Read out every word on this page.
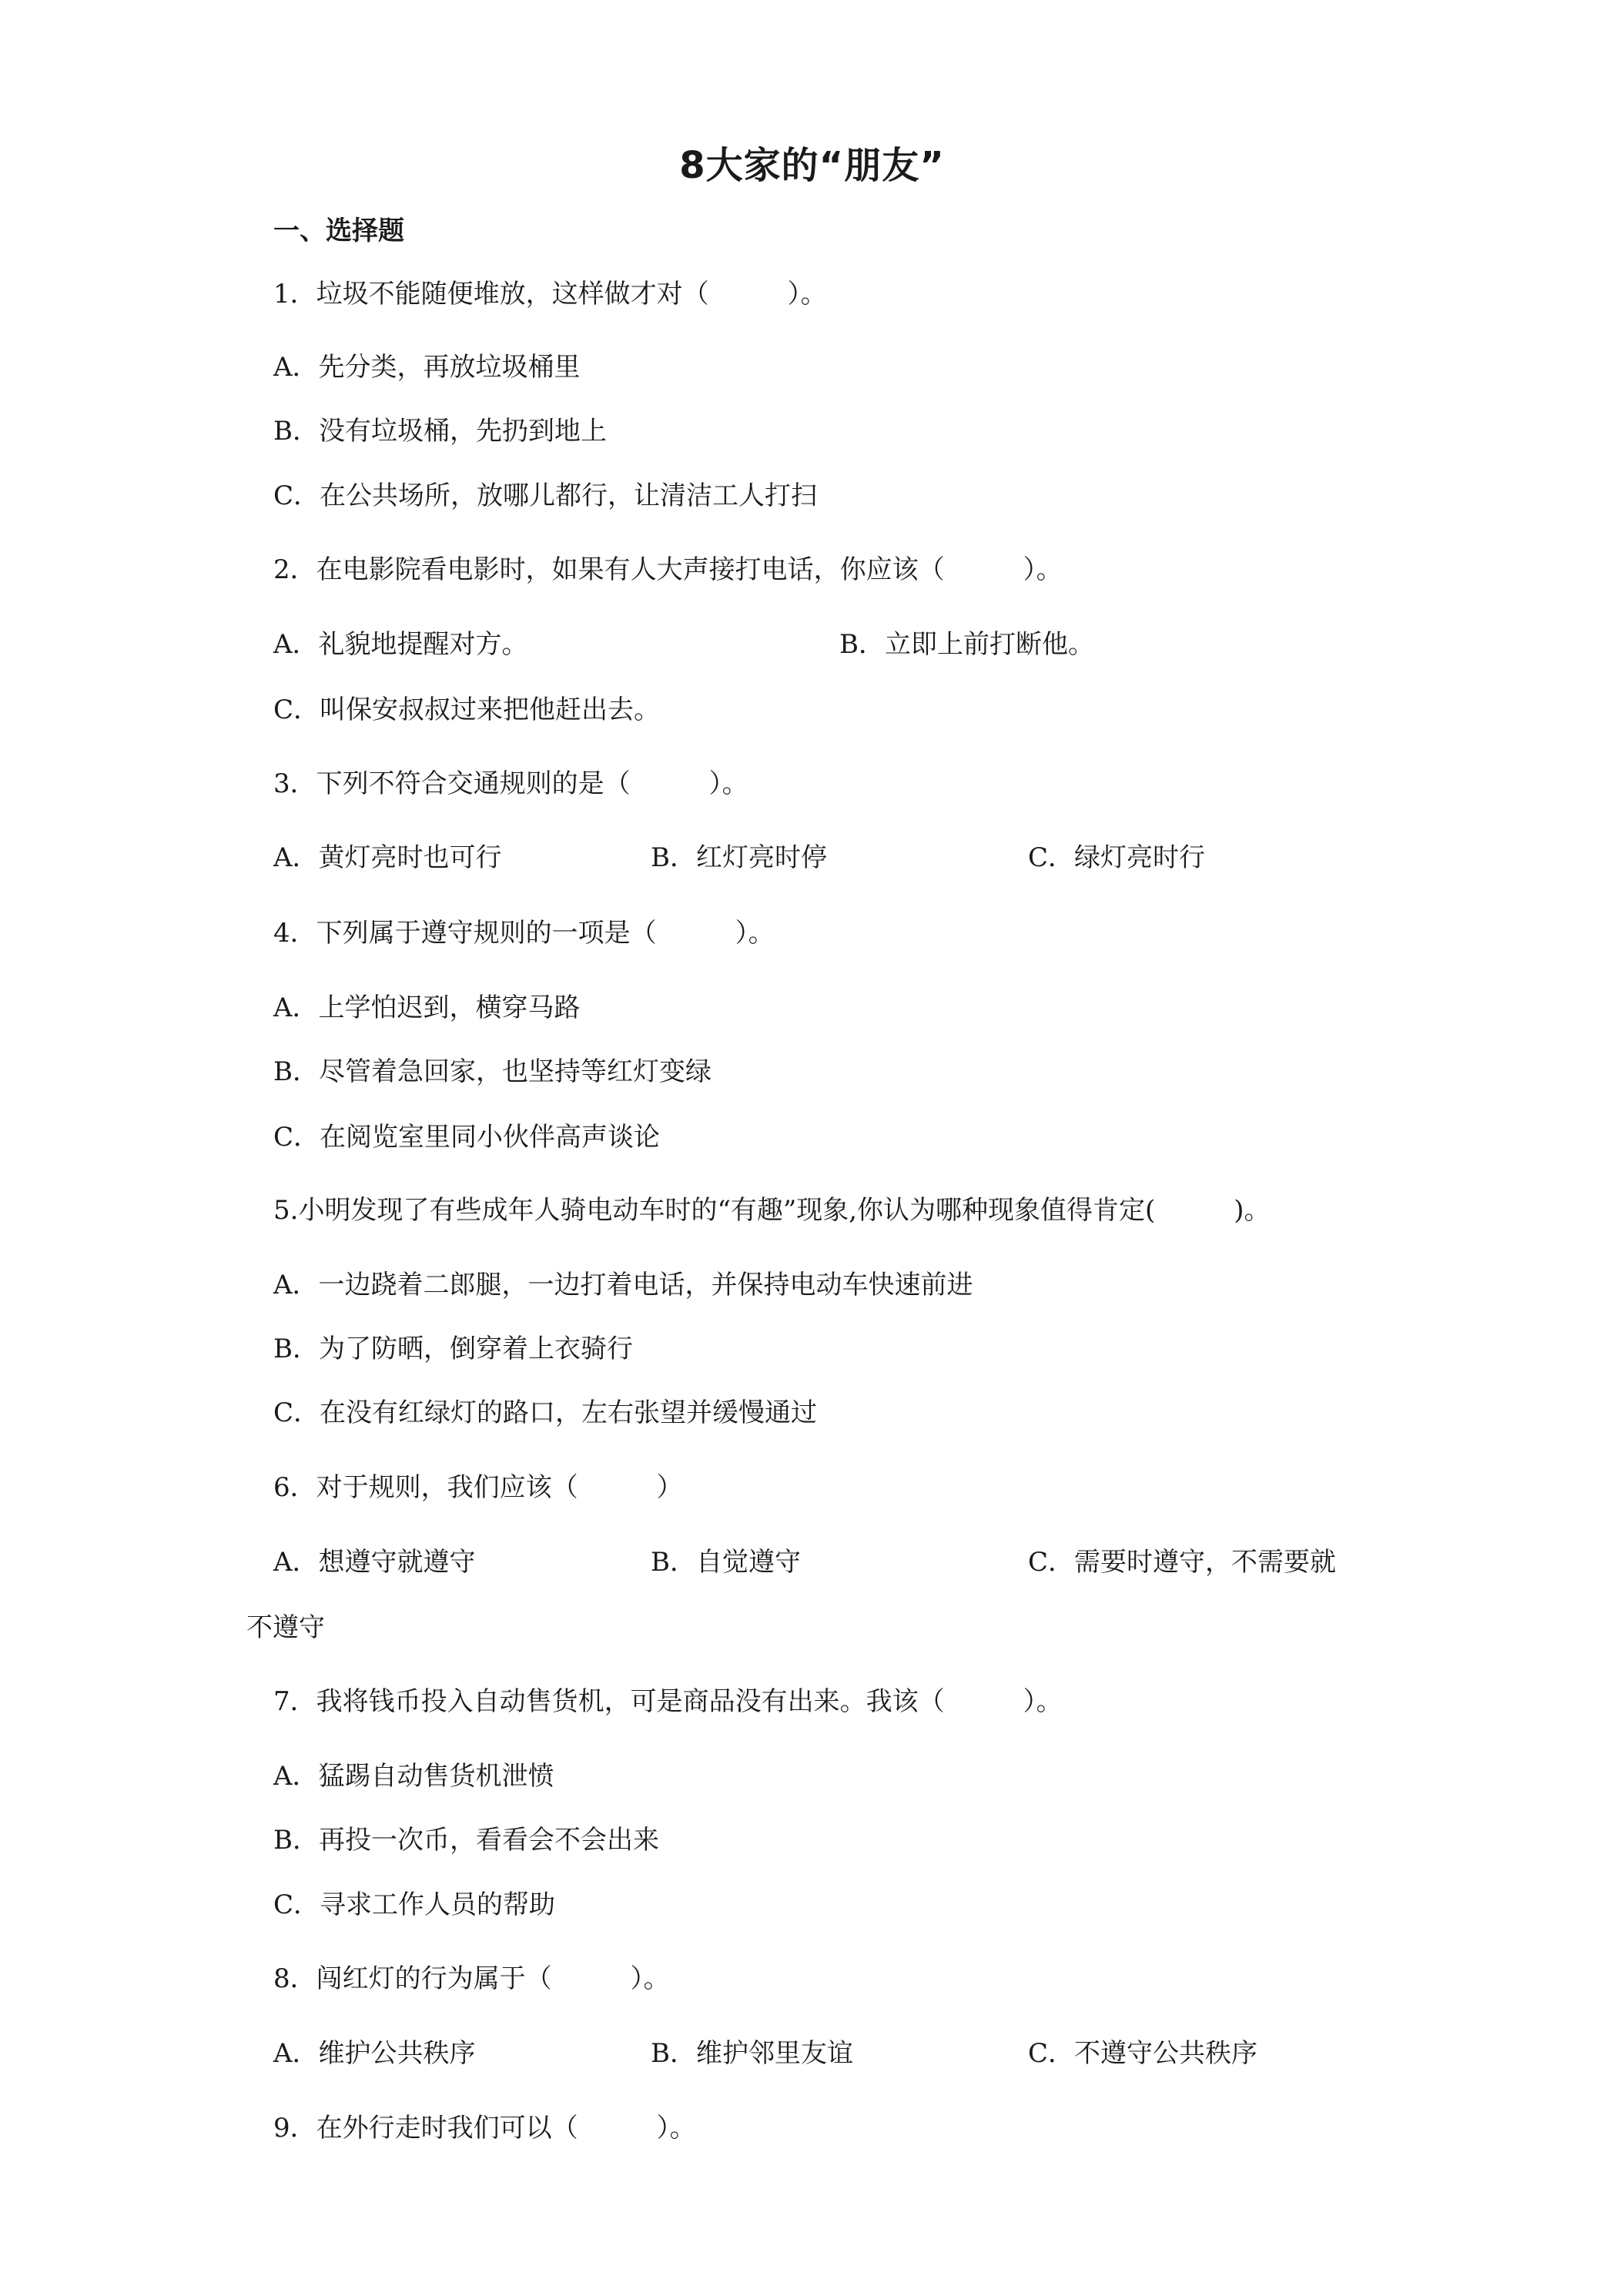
8大家的“朋友”
一、选择题
1．垃圾不能随便堆放，这样做才对（　　　）。
A．先分类，再放垃圾桶里
B．没有垃圾桶，先扔到地上
C．在公共场所，放哪儿都行，让清洁工人打扫
2．在电影院看电影时，如果有人大声接打电话，你应该（　　　）。
A．礼貌地提醒对方。	B．立即上前打断他。
C．叫保安叔叔过来把他赶出去。
3．下列不符合交通规则的是（　　　）。
A．黄灯亮时也可行	B．红灯亮时停	C．绿灯亮时行
4．下列属于遵守规则的一项是（　　　）。
A．上学怕迟到，横穿马路
B．尽管着急回家，也坚持等红灯变绿
C．在阅览室里同小伙伴高声谈论
5.小明发现了有些成年人骑电动车时的“有趣”现象,你认为哪种现象值得肯定(　　　)。
A．一边跷着二郎腿，一边打着电话，并保持电动车快速前进
B．为了防晒，倒穿着上衣骑行
C．在没有红绿灯的路口，左右张望并缓慢通过
6．对于规则，我们应该（　　　）
A．想遵守就遵守	B．自觉遵守	C．需要时遵守，不需要就
不遵守
7．我将钱币投入自动售货机，可是商品没有出来。我该（　　　）。
A．猛踢自动售货机泄愤
B．再投一次币，看看会不会出来
C．寻求工作人员的帮助
8．闯红灯的行为属于（　　　）。
A．维护公共秩序	B．维护邻里友谊	C．不遵守公共秩序
9．在外行走时我们可以（　　　）。
